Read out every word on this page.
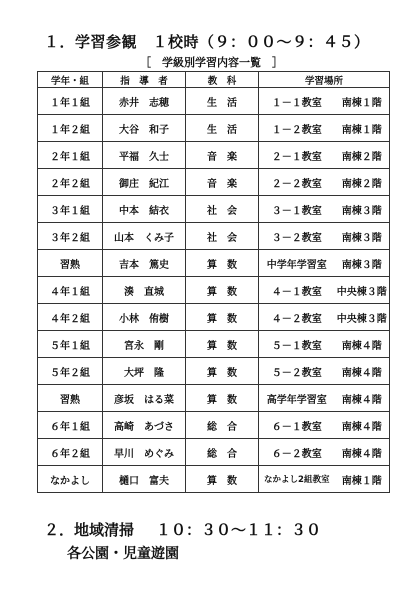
１．学習参観　１校時（９：００〜９：４５）
［　学級別学習内容一覧　］
学年・組	指　導　者	教　科	学習場所	
１年１組	赤井　志穂	生　活	１－１教室	南棟１階
１年２組	大谷　和子	生　活	１－２教室	南棟１階
２年１組	平福　久士	音　楽	２－１教室	南棟２階
２年２組	御庄　紀江	音　楽	２－２教室	南棟２階
３年１組	中本　結衣	社　会	３－１教室	南棟３階
３年２組	山本　くみ子	社　会	３－２教室	南棟３階
習熟	吉本　篤史	算　数	中学年学習室	南棟３階
４年１組	湊　直城	算　数	４－１教室	中央棟３階
４年２組	小林　侑樹	算　数	４－２教室	中央棟３階
５年１組	宮永　剛	算　数	５－１教室	南棟４階
５年２組	大坪　隆	算　数	５－２教室	南棟４階
習熟	彦坂　はる菜	算　数	高学年学習室	南棟４階
６年１組	高崎　あづさ	総　合	６－１教室	南棟４階
６年２組	早川　めぐみ	総　合	６－２教室	南棟４階
なかよし	樋口　富夫	算　数	なかよし2組教室	南棟１階
２．地域清掃 １０：３０〜１１：３０
各公園・児童遊園
